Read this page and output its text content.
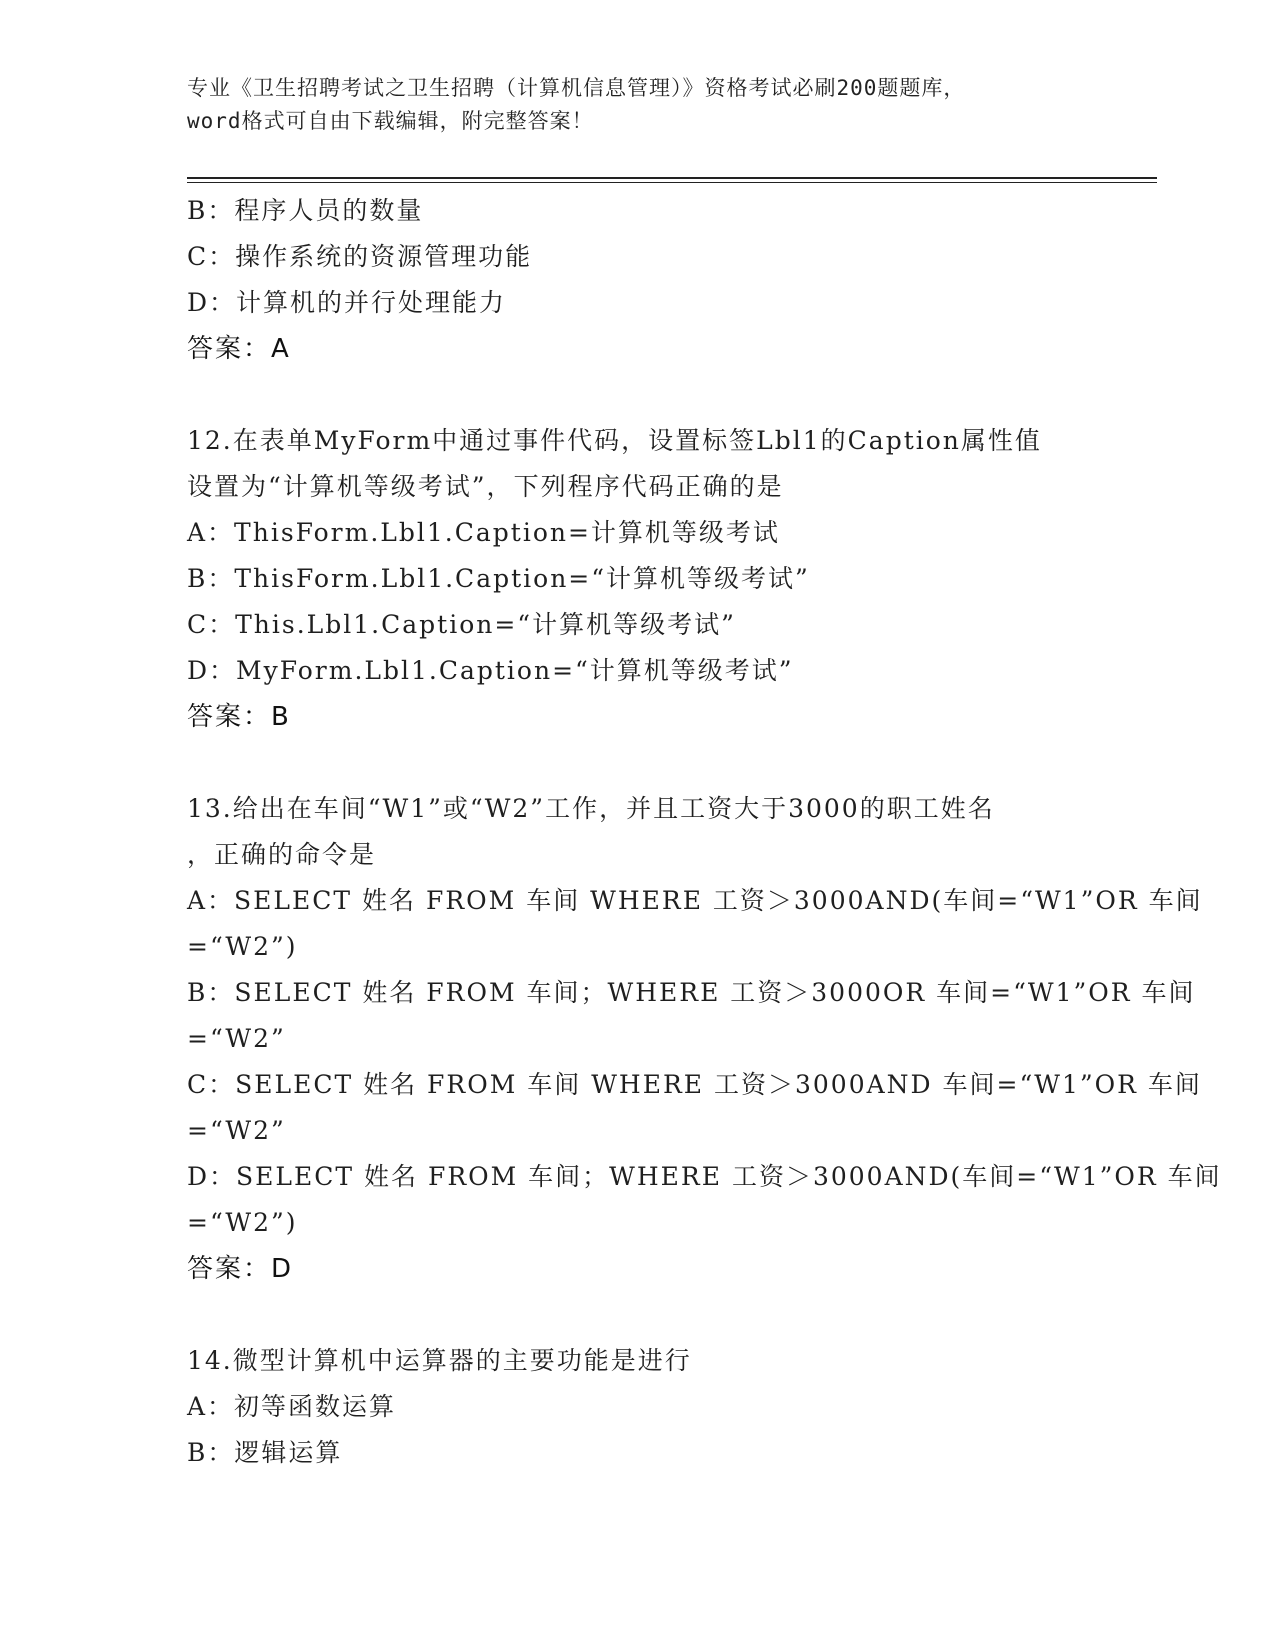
专业《卫生招聘考试之卫生招聘（计算机信息管理）》资格考试必刷200题题库，
word格式可自由下载编辑，附完整答案！
B：程序人员的数量
C：操作系统的资源管理功能
D：计算机的并行处理能力
答案：A
12.在表单MyForm中通过事件代码，设置标签Lbl1的Caption属性值
设置为“计算机等级考试”，下列程序代码正确的是
A：ThisForm.Lbl1.Caption=计算机等级考试
B：ThisForm.Lbl1.Caption=“计算机等级考试”
C：This.Lbl1.Caption=“计算机等级考试”
D：MyForm.Lbl1.Caption=“计算机等级考试”
答案：B
13.给出在车间“W1”或“W2”工作，并且工资大于3000的职工姓名
，正确的命令是
A：SELECT 姓名 FROM 车间 WHERE 工资＞3000AND(车间=“W1”OR 车间
=“W2”)
B：SELECT 姓名 FROM 车间；WHERE 工资＞3000OR 车间=“W1”OR 车间
=“W2”
C：SELECT 姓名 FROM 车间 WHERE 工资＞3000AND 车间=“W1”OR 车间
=“W2”
D：SELECT 姓名 FROM 车间；WHERE 工资＞3000AND(车间=“W1”OR 车间
=“W2”)
答案：D
14.微型计算机中运算器的主要功能是进行
A：初等函数运算
B：逻辑运算
